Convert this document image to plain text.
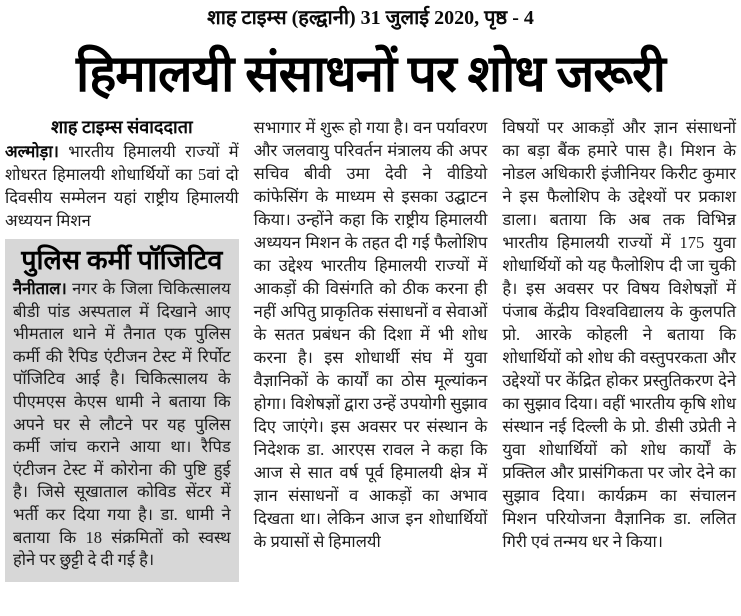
शाह टाइम्स (हल्द्वानी) 31 जुलाई 2020, पृष्ठ - 4
हिमालयी संसाधनों पर शोध जरूरी
शाह टाइम्स संवाददाता

अल्मोड़ा। भारतीय हिमालयी राज्यों में शोधरत हिमालयी शोधार्थियों का 5वां दो दिवसीय सम्मेलन यहां राष्ट्रीय हिमालयी अध्ययन मिशन

पुलिस कर्मी पॉजिटिव

नैनीताल। नगर के जिला चिकित्सालय बीडी पांड अस्पताल में दिखाने आए भीमताल थाने में तैनात एक पुलिस कर्मी की रैपिड एंटीजन टेस्ट में रिर्पोट पॉजिटिव आई है। चिकित्सालय के पीएमएस केएस धामी ने बताया कि अपने घर से लौटने पर यह पुलिस कर्मी जांच कराने आया था। रैपिड एंटीजन टेस्ट में कोरोना की पुष्टि हुई है। जिसे सूखाताल कोविड सेंटर में भर्ती कर दिया गया है। डा. धामी ने बताया कि 18 संक्रमितों को स्वस्थ होने पर छुट्टी दे दी गई है।

सभागार में शुरू हो गया है। वन पर्यावरण और जलवायु परिवर्तन मंत्रालय की अपर सचिव बीवी उमा देवी ने वीडियो कांफेसिंग के माध्यम से इसका उद्घाटन किया। उन्होंने कहा कि राष्ट्रीय हिमालयी अध्ययन मिशन के तहत दी गई फैलोशिप का उद्देश्य भारतीय हिमालयी राज्यों में आकड़ों की विसंगति को ठीक करना ही नहीं अपितु प्राकृतिक संसाधनों व सेवाओं के सतत प्रबंधन की दिशा में भी शोध करना है। इस शोधार्थी संघ में युवा वैज्ञानिकों के कार्यों का ठोस मूल्यांकन होगा। विशेषज्ञों द्वारा उन्हें उपयोगी सुझाव दिए जाएंगे। इस अवसर पर संस्थान के निदेशक डा. आरएस रावल ने कहा कि आज से सात वर्ष पूर्व हिमालयी क्षेत्र में ज्ञान संसाधनों व आकड़ों का अभाव दिखता था। लेकिन आज इन शोधार्थियों के प्रयासों से हिमालयी

विषयों पर आकड़ों और ज्ञान संसाधनों का बड़ा बैंक हमारे पास है। मिशन के नोडल अधिकारी इंजीनियर किरीट कुमार ने इस फैलोशिप के उद्देश्यों पर प्रकाश डाला। बताया कि अब तक विभिन्न भारतीय हिमालयी राज्यों में 175 युवा शोधार्थियों को यह फैलोशिप दी जा चुकी है। इस अवसर पर विषय विशेषज्ञों में पंजाब केंद्रीय विश्वविद्यालय के कुलपति प्रो. आरके कोहली ने बताया कि शोधार्थियों को शोध की वस्तुपरकता और उद्देश्यों पर केंद्रित होकर प्रस्तुतिकरण देने का सुझाव दिया। वहीं भारतीय कृषि शोध संस्थान नई दिल्ली के प्रो. डीसी उप्रेती ने युवा शोधार्थियों को शोध कार्यों के प्रक्तिल और प्रासंगिकता पर जोर देने का सुझाव दिया। कार्यक्रम का संचालन मिशन परियोजना वैज्ञानिक डा. ललित गिरी एवं तन्मय धर ने किया।
